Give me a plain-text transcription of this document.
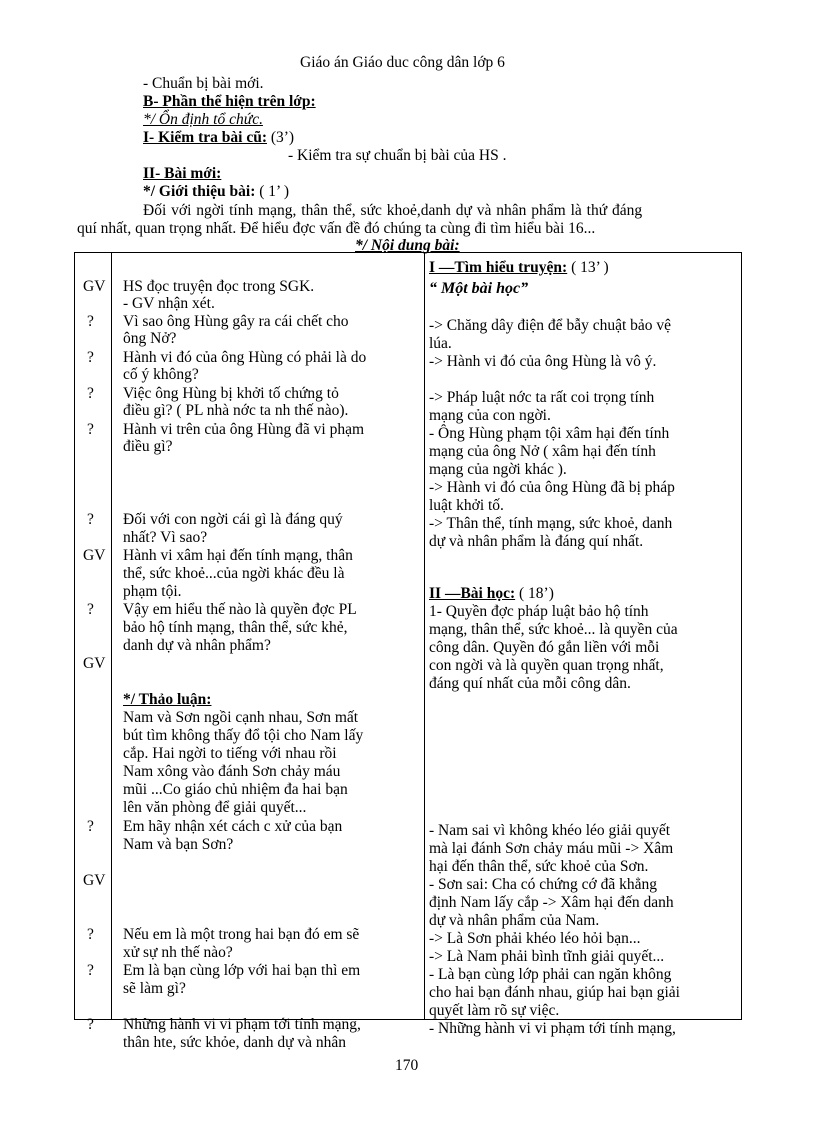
Giáo án Giáo duc công dân lớp 6
- Chuẩn bị bài mới.
B- Phần thể hiện trên lớp:
*/ Ổn định tổ chức.
I- Kiểm tra bài cũ: (3’)
- Kiểm tra sự chuẩn bị bài của HS .
II- Bài mới:
*/ Giới thiệu bài: ( 1’ )
Đối với ngời tính mạng, thân thể, sức khoẻ,danh dự và nhân phẩm là thứ đáng
quí nhất, quan trọng nhất. Để hiểu đợc vấn đề đó chúng ta cùng đi tìm hiểu bài 16...
*/ Nội dung bài:
GV
?
?
?
?
?
GV
?
GV
?
GV
?
?
?
HS đọc truyện đọc trong SGK.
- GV nhận xét.
Vì sao ông Hùng gây ra cái chết cho
ông Nở?
Hành vi đó của ông Hùng có phải là do
cố ý không?
Việc ông Hùng bị khởi tố chứng tỏ
điều gì? ( PL nhà nớc ta nh thế nào).
Hành vi trên của ông Hùng đã vi phạm
điều gì?
Đối với con ngời cái gì là đáng quý
nhất? Vì sao?
Hành vi xâm hại đến tính mạng, thân
thể, sức khoẻ...của ngời khác đều là
phạm tội.
Vậy em hiểu thế nào là quyền đợc PL
bảo hộ tính mạng, thân thể, sức khẻ,
danh dự và nhân phẩm?
*/ Thảo luận:
Nam và Sơn ngồi cạnh nhau, Sơn mất
bút tìm không thấy đổ tội cho Nam lấy
cắp. Hai ngời to tiếng với nhau rồi
Nam xông vào đánh Sơn chảy máu
mũi ...Co giáo chủ nhiệm đa hai bạn
lên văn phòng để giải quyết...
Em hãy nhận xét cách c xử của bạn
Nam và bạn Sơn?
Nếu em là một trong hai bạn đó em sẽ
xử sự nh thế nào?
Em là bạn cùng lớp với hai bạn thì em
sẽ làm gì?
Những hành vi vi phạm tới tính mạng,
thân hte, sức khỏe, danh dự và nhân
I —Tìm hiểu truyện: ( 13’ )
“ Một bài học”
-> Chăng dây điện để bẫy chuật bảo vệ
lúa.
-> Hành vi đó của ông Hùng là vô ý.
-> Pháp luật nớc ta rất coi trọng tính
mạng của con ngời.
- Ông Hùng phạm tội xâm hại đến tính
mạng của ông Nở ( xâm hại đến tính
mạng của ngời khác ).
-> Hành vi đó của ông Hùng đã bị pháp
luật khởi tố.
-> Thân thể, tính mạng, sức khoẻ, danh
dự và nhân phẩm là đáng quí nhất.
II —Bài học: ( 18’)
1- Quyền đợc pháp luật bảo hộ tính
mạng, thân thể, sức khoẻ... là quyền của
công dân. Quyền đó gắn liền với mỗi
con ngời và là quyền quan trọng nhất,
đáng quí nhất của mỗi công dân.
- Nam sai vì không khéo léo giải quyết
mà lại đánh Sơn chảy máu mũi -> Xâm
hại đến thân thể, sức khoẻ của Sơn.
- Sơn sai: Cha có chứng cớ đã khẳng
định Nam lấy cắp -> Xâm hại đến danh
dự và nhân phẩm của Nam.
-> Là Sơn phải khéo léo hỏi bạn...
-> Là Nam phải bình tĩnh giải quyết...
- Là bạn cùng lớp phải can ngăn không
cho hai bạn đánh nhau, giúp hai bạn giải
quyết làm rõ sự việc.
- Những hành vi vi phạm tới tính mạng,
170
